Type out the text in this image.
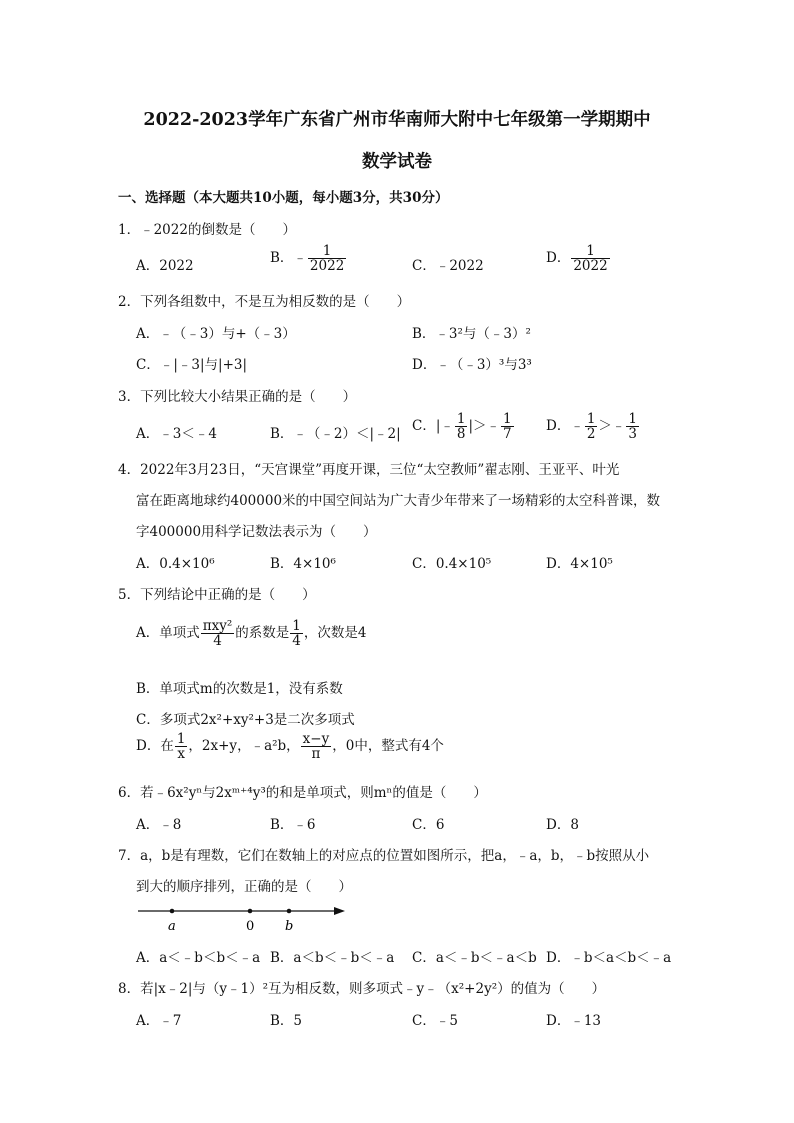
2022-2023学年广东省广州市华南师大附中七年级第一学期期中
数学试卷
一、选择题（本大题共10小题，每小题3分，共30分）
1．﹣2022的倒数是（　　）
A．2022	B．﹣ $\frac{1}{2022}$	C．﹣2022	D． $\frac{1}{2022}$
2．下列各组数中，不是互为相反数的是（　　）
A．﹣（﹣3）与+（﹣3）	B．﹣3²与（﹣3）²
C．﹣|﹣3|与|+3|	D．﹣（﹣3）³与3³
3．下列比较大小结果正确的是（　　）
A．﹣3＜﹣4	B．﹣（﹣2）＜|﹣2| C．|﹣ $\frac{1}{8}$ |＞﹣ $\frac{1}{7}$ D．﹣ $\frac{1}{2}$ ＞﹣ $\frac{1}{3}$
4．2022年3月23日，“天宫课堂”再度开课，三位“太空教师”翟志刚、王亚平、叶光
富在距离地球约400000米的中国空间站为广大青少年带来了一场精彩的太空科普课，数
字400000用科学记数法表示为（　　）
A．0.4×10⁶	B．4×10⁶	C．0.4×10⁵	D．4×10⁵
5．下列结论中正确的是（　　）
A．单项式 $\frac{\text{πxy²}}{4}$ 的系数是 $\frac{1}{4}$ ，次数是4
B．单项式m的次数是1，没有系数
C．多项式2x²+xy²+3是二次多项式
D．在 $\frac{1}{x}$ ，2x+y，﹣a²b， $\frac{x-y}{\pi}$ ，0中，整式有4个
6．若﹣6x²yⁿ与2xᵐ⁺⁴y³的和是单项式，则mⁿ的值是（　　）
A．﹣8	B．﹣6	C．6	D．8
7．a，b是有理数，它们在数轴上的对应点的位置如图所示，把a，﹣a，b，﹣b按照从小
到大的顺序排列，正确的是（　　）
a	0 b
A．a＜﹣b＜b＜﹣a B．a＜b＜﹣b＜﹣a C．a＜﹣b＜﹣a＜b D．﹣b＜a＜b＜﹣a
8．若|x﹣2|与（y﹣1）²互为相反数，则多项式﹣y﹣（x²+2y²）的值为（　　）
A．﹣7	B．5	C．﹣5	D．﹣13
